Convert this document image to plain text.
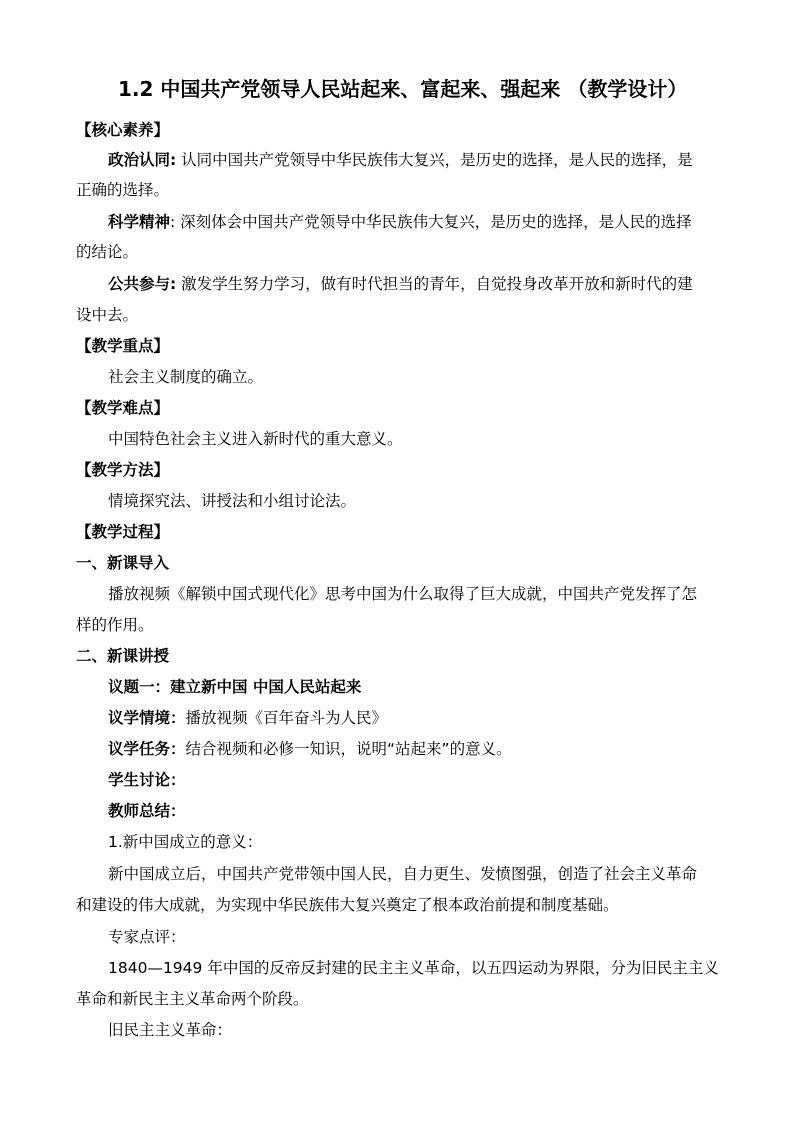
1.2 中国共产党领导人民站起来、富起来、强起来 （教学设计）
【核心素养】
政治认同: 认同中国共产党领导中华民族伟大复兴，是历史的选择，是人民的选择，是
正确的选择。
科学精神: 深刻体会中国共产党领导中华民族伟大复兴，是历史的选择，是人民的选择
的结论。
公共参与: 激发学生努力学习，做有时代担当的青年，自觉投身改革开放和新时代的建
设中去。
【教学重点】
社会主义制度的确立。
【教学难点】
中国特色社会主义进入新时代的重大意义。
【教学方法】
情境探究法、讲授法和小组讨论法。
【教学过程】
一、新课导入
播放视频《解锁中国式现代化》思考中国为什么取得了巨大成就，中国共产党发挥了怎
样的作用。
二、新课讲授
议题一：建立新中国 中国人民站起来
议学情境：播放视频《百年奋斗为人民》
议学任务：结合视频和必修一知识，说明“站起来”的意义。
学生讨论：
教师总结：
1.新中国成立的意义：
新中国成立后，中国共产党带领中国人民，自力更生、发愤图强，创造了社会主义革命
和建设的伟大成就，为实现中华民族伟大复兴奠定了根本政治前提和制度基础。
专家点评：
1840—1949 年中国的反帝反封建的民主主义革命，以五四运动为界限，分为旧民主主义
革命和新民主主义革命两个阶段。
旧民主主义革命：
